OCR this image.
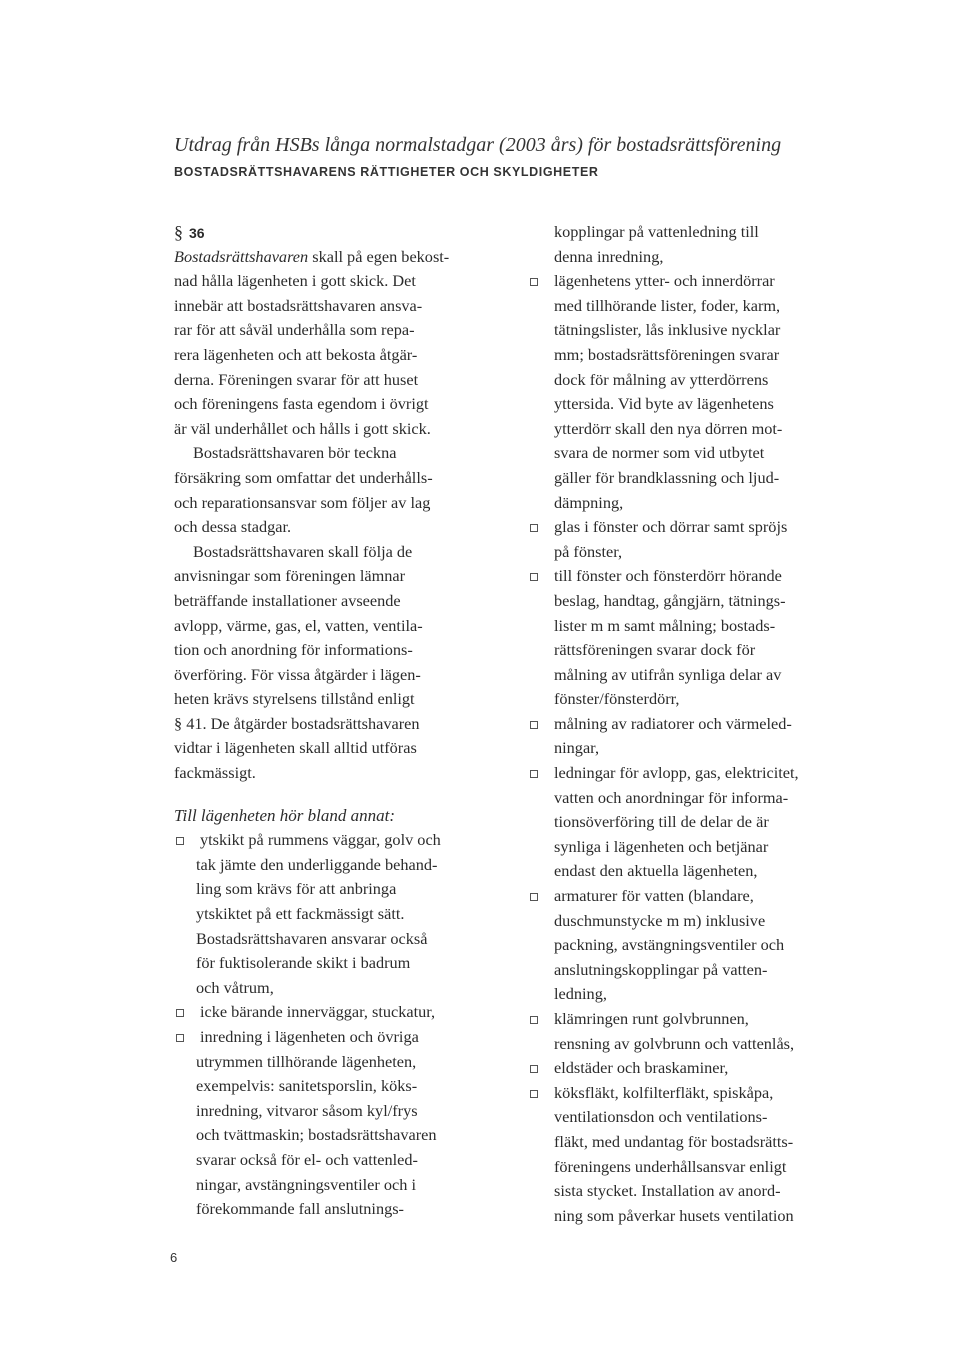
Utdrag från HSBs långa normalstadgar (2003 års) för bostadsrättsförening
BOSTADSRÄTTSHAVARENS RÄTTIGHETER OCH SKYLDIGHETER
§ 36
Bostadsrättshavaren skall på egen bekost-
nad hålla lägenheten i gott skick. Det
innebär att bostadsrättshavaren ansva-
rar för att såväl underhålla som repa-
rera lägenheten och att bekosta åtgär-
derna. Föreningen svarar för att huset
och föreningens fasta egendom i övrigt
är väl underhållet och hålls i gott skick.
Bostadsrättshavaren bör teckna
försäkring som omfattar det underhålls-
och reparationsansvar som följer av lag
och dessa stadgar.
Bostadsrättshavaren skall följa de
anvisningar som föreningen lämnar
beträffande installationer avseende
avlopp, värme, gas, el, vatten, ventila-
tion och anordning för informations-
överföring. För vissa åtgärder i lägen-
heten krävs styrelsens tillstånd enligt
§ 41. De åtgärder bostadsrättshavaren
vidtar i lägenheten skall alltid utföras
fackmässigt.
Till lägenheten hör bland annat:
ytskikt på rummens väggar, golv och
tak jämte den underliggande behand-
ling som krävs för att anbringa
ytskiktet på ett fackmässigt sätt.
Bostadsrättshavaren ansvarar också
för fuktisolerande skikt i badrum
och våtrum,
icke bärande innerväggar, stuckatur,
inredning i lägenheten och övriga
utrymmen tillhörande lägenheten,
exempelvis: sanitetsporslin, köks-
inredning, vitvaror såsom kyl/frys
och tvättmaskin; bostadsrättshavaren
svarar också för el- och vattenled-
ningar, avstängningsventiler och i
förekommande fall anslutnings-
kopplingar på vattenledning till
denna inredning,
lägenhetens ytter- och innerdörrar
med tillhörande lister, foder, karm,
tätningslister, lås inklusive nycklar
mm; bostadsrättsföreningen svarar
dock för målning av ytterdörrens
yttersida. Vid byte av lägenhetens
ytterdörr skall den nya dörren mot-
svara de normer som vid utbytet
gäller för brandklassning och ljud-
dämpning,
glas i fönster och dörrar samt spröjs
på fönster,
till fönster och fönsterdörr hörande
beslag, handtag, gångjärn, tätnings-
lister m m samt målning; bostads-
rättsföreningen svarar dock för
målning av utifrån synliga delar av
fönster/fönsterdörr,
målning av radiatorer och värmeled-
ningar,
ledningar för avlopp, gas, elektricitet,
vatten och anordningar för informa-
tionsöverföring till de delar de är
synliga i lägenheten och betjänar
endast den aktuella lägenheten,
armaturer för vatten (blandare,
duschmunstycke m m) inklusive
packning, avstängningsventiler och
anslutningskopplingar på vatten-
ledning,
klämringen runt golvbrunnen,
rensning av golvbrunn och vattenlås,
eldstäder och braskaminer,
köksfläkt, kolfilterfläkt, spiskåpa,
ventilationsdon och ventilations-
fläkt, med undantag för bostadsrätts-
föreningens underhållsansvar enligt
sista stycket. Installation av anord-
ning som påverkar husets ventilation
6
